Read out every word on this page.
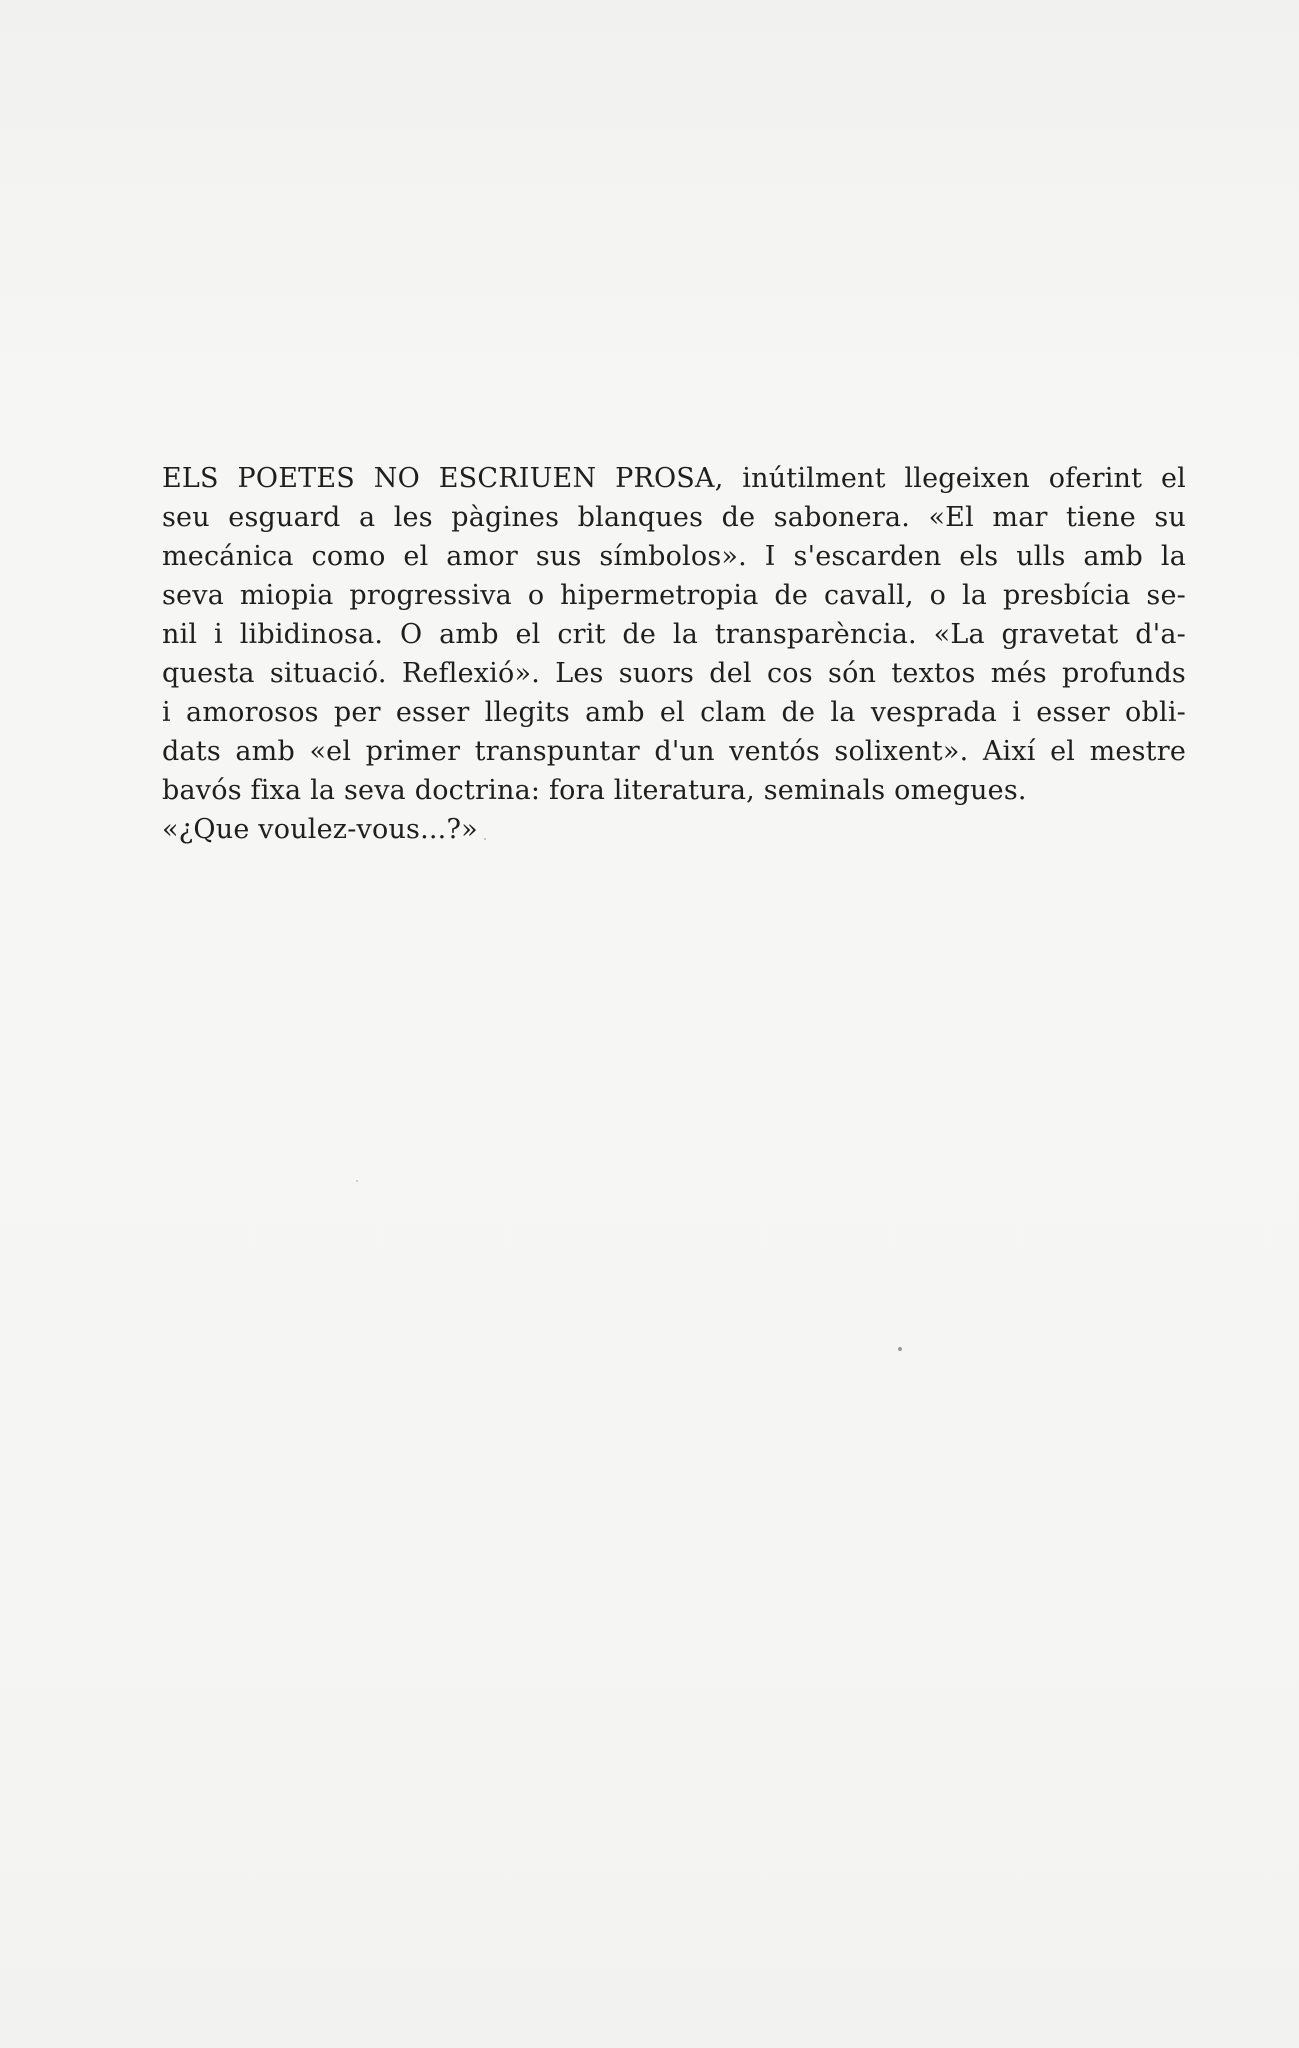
ELS POETES NO ESCRIUEN PROSA, inútilment llegeixen oferint el
seu esguard a les pàgines blanques de sabonera. «El mar tiene su
mecánica como el amor sus símbolos». I s'escarden els ulls amb la
seva miopia progressiva o hipermetropia de cavall, o la presbícia se-
nil i libidinosa. O amb el crit de la transparència. «La gravetat d'a-
questa situació. Reflexió». Les suors del cos són textos més profunds
i amorosos per esser llegits amb el clam de la vesprada i esser obli-
dats amb «el primer transpuntar d'un ventós solixent». Així el mestre
bavós fixa la seva doctrina: fora literatura, seminals omegues.
«¿Que voulez-vous...?»
